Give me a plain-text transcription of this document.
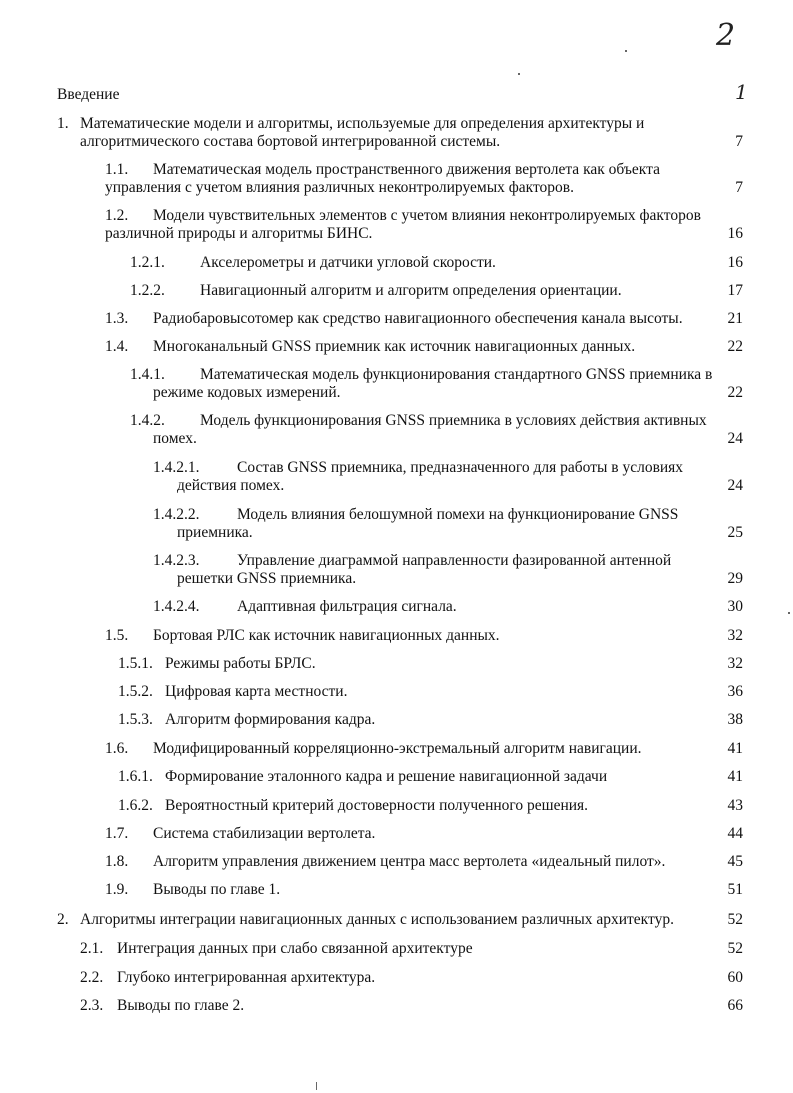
2
Введение	1
1. Математические модели и алгоритмы, используемые для определения архитектуры и
алгоритмического состава бортовой интегрированной системы.	7
1.1. Математическая модель пространственного движения вертолета как объекта
управления с учетом влияния различных неконтролируемых факторов.	7
1.2. Модели чувствительных элементов с учетом влияния неконтролируемых факторов
различной природы и алгоритмы БИНС.	16
1.2.1. Акселерометры и датчики угловой скорости.	16
1.2.2. Навигационный алгоритм и алгоритм определения ориентации.	17
1.3. Радиобаровысотомер как средство навигационного обеспечения канала высоты.	21
1.4. Многоканальный GNSS приемник как источник навигационных данных.	22
1.4.1. Математическая модель функционирования стандартного GNSS приемника в
режиме кодовых измерений.	22
1.4.2. Модель функционирования GNSS приемника в условиях действия активных
помех.	24
1.4.2.1. Состав GNSS приемника, предназначенного для работы в условиях
действия помех.	24
1.4.2.2. Модель влияния белошумной помехи на функционирование GNSS
приемника.	25
1.4.2.3. Управление диаграммой направленности фазированной антенной
решетки GNSS приемника.	29
1.4.2.4. Адаптивная фильтрация сигнала.	30
1.5. Бортовая РЛС как источник навигационных данных.	32
1.5.1. Режимы работы БРЛС.	32
1.5.2. Цифровая карта местности.	36
1.5.3. Алгоритм формирования кадра.	38
1.6. Модифицированный корреляционно-экстремальный алгоритм навигации.	41
1.6.1. Формирование эталонного кадра и решение навигационной задачи	41
1.6.2. Вероятностный критерий достоверности полученного решения.	43
1.7. Система стабилизации вертолета.	44
1.8. Алгоритм управления движением центра масс вертолета «идеальный пилот».	45
1.9. Выводы по главе 1.	51
2. Алгоритмы интеграции навигационных данных с использованием различных архитектур.	52
2.1. Интеграция данных при слабо связанной архитектуре	52
2.2. Глубоко интегрированная архитектура.	60
2.3. Выводы по главе 2.	66
